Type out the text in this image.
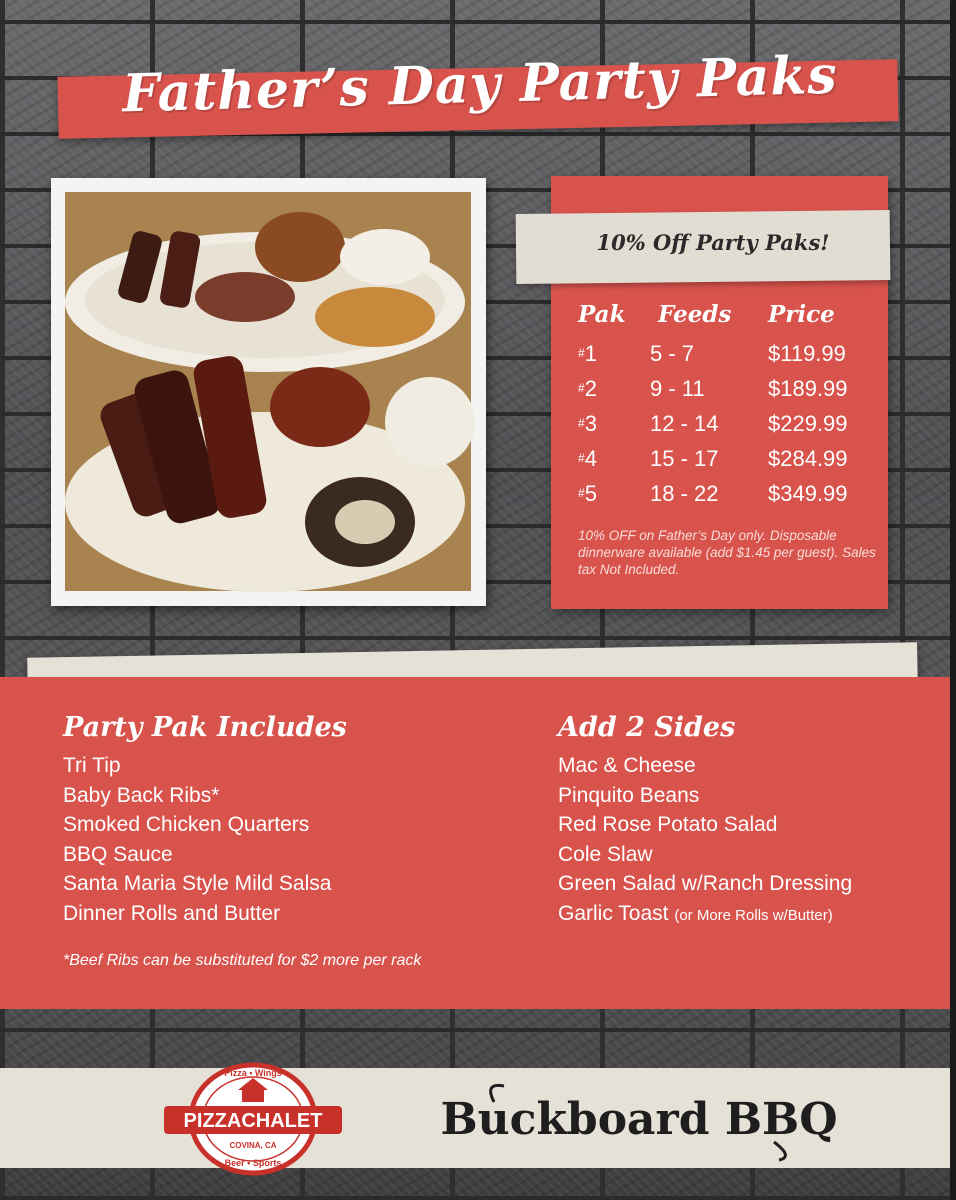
Father’s Day Party Paks
10% Off Party Paks!
Pak Feeds Price
#1 5 - 7	$119.99
#2 9 - 11	$189.99
#3 12 - 14 $229.99
#4 15 - 17 $284.99
#5 18 - 22 $349.99
10% OFF on Father’s Day only. Disposable dinnerware available (add $1.45 per guest). Sales tax Not Included.
Party Pak Includes
Tri Tip
Baby Back Ribs*
Smoked Chicken Quarters
BBQ Sauce
Santa Maria Style Mild Salsa
Dinner Rolls and Butter
*Beef Ribs can be substituted for $2 more per rack
Add 2 Sides
Mac & Cheese
Pinquito Beans
Red Rose Potato Salad
Cole Slaw
Green Salad w/Ranch Dressing
Garlic Toast (or More Rolls w/Butter)
Pizza • Wings
PIZZACHALET
COVINA, CA
Beer • Sports
Buckboard BBQ
